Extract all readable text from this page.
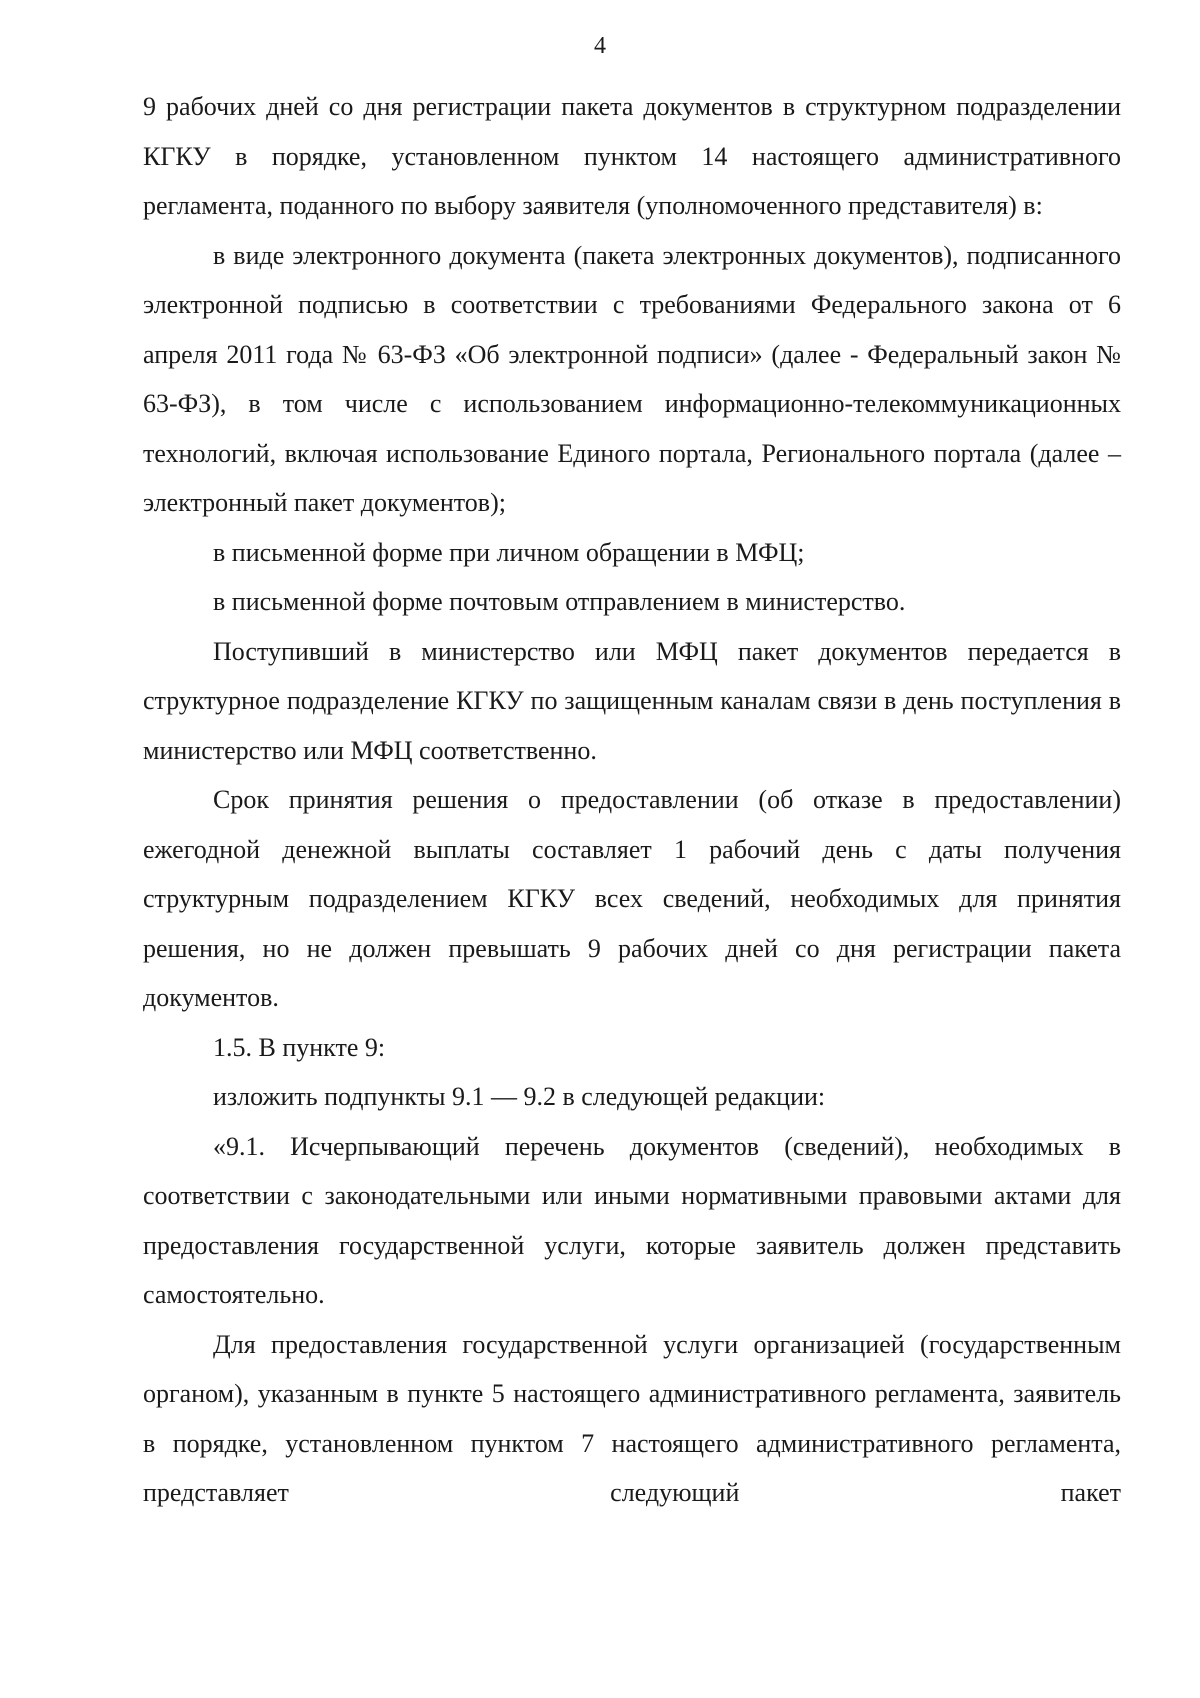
4

9 рабочих дней со дня регистрации пакета документов в структурном подразделении КГКУ в порядке, установленном пунктом 14 настоящего административного регламента, поданного по выбору заявителя (уполномоченного представителя) в:

в виде электронного документа (пакета электронных документов), подписанного электронной подписью в соответствии с требованиями Федерального закона от 6 апреля 2011 года № 63-ФЗ «Об электронной подписи» (далее - Федеральный закон № 63-ФЗ), в том числе с использованием информационно-телекоммуникационных технологий, включая использование Единого портала, Регионального портала (далее – электронный пакет документов);

в письменной форме при личном обращении в МФЦ;

в письменной форме почтовым отправлением в министерство.

Поступивший в министерство или МФЦ пакет документов передается в структурное подразделение КГКУ по защищенным каналам связи в день поступления в министерство или МФЦ соответственно.

Срок принятия решения о предоставлении (об отказе в предоставлении) ежегодной денежной выплаты составляет 1 рабочий день с даты получения структурным подразделением КГКУ всех сведений, необходимых для принятия решения, но не должен превышать 9 рабочих дней со дня регистрации пакета документов.

1.5. В пункте 9:

изложить подпункты 9.1 — 9.2 в следующей редакции:

«9.1. Исчерпывающий перечень документов (сведений), необходимых в соответствии с законодательными или иными нормативными правовыми актами для предоставления государственной услуги, которые заявитель должен представить самостоятельно.

Для предоставления государственной услуги организацией (государственным органом), указанным в пункте 5 настоящего административного регламента, заявитель в порядке, установленном пунктом 7 настоящего административного регламента, представляет следующий пакет
